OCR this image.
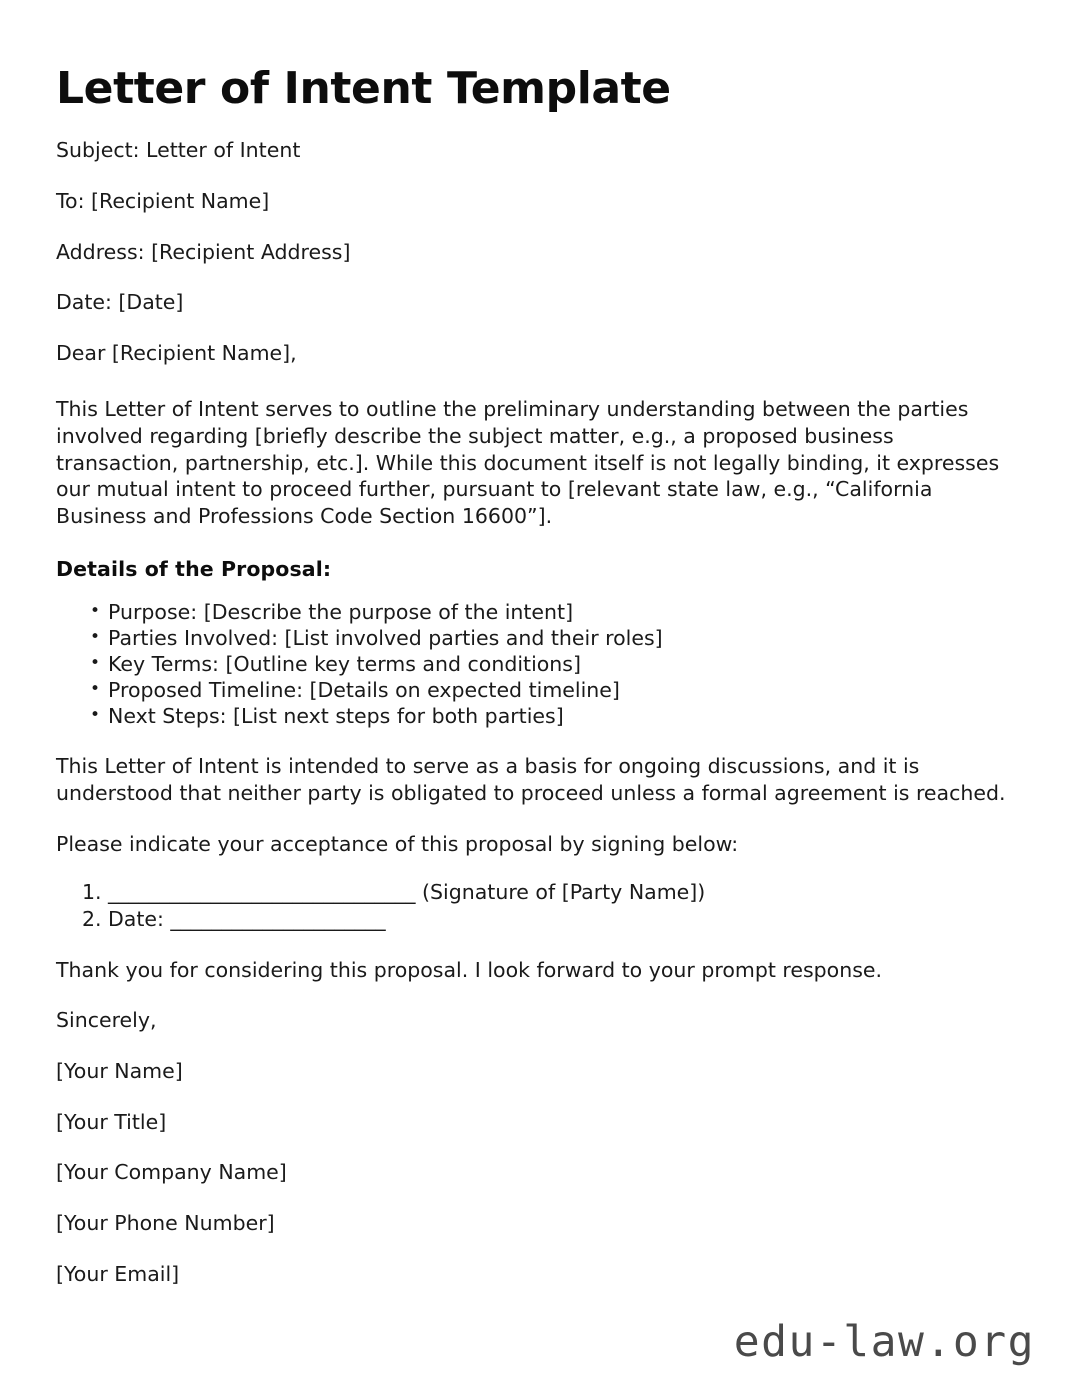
Letter of Intent Template

Subject: Letter of Intent

To: [Recipient Name]

Address: [Recipient Address]

Date: [Date]

Dear [Recipient Name],

This Letter of Intent serves to outline the preliminary understanding between the parties involved regarding [briefly describe the subject matter, e.g., a proposed business transaction, partnership, etc.]. While this document itself is not legally binding, it expresses our mutual intent to proceed further, pursuant to [relevant state law, e.g., “California Business and Professions Code Section 16600”].

Details of the Proposal:
• Purpose: [Describe the purpose of the intent]
• Parties Involved: [List involved parties and their roles]
• Key Terms: [Outline key terms and conditions]
• Proposed Timeline: [Details on expected timeline]
• Next Steps: [List next steps for both parties]

This Letter of Intent is intended to serve as a basis for ongoing discussions, and it is understood that neither party is obligated to proceed unless a formal agreement is reached.

Please indicate your acceptance of this proposal by signing below:

______________________________ (Signature of [Party Name])
Date: _____________________

Thank you for considering this proposal. I look forward to your prompt response.

Sincerely,

[Your Name]

[Your Title]

[Your Company Name]

[Your Phone Number]

[Your Email]

edu-law.org
